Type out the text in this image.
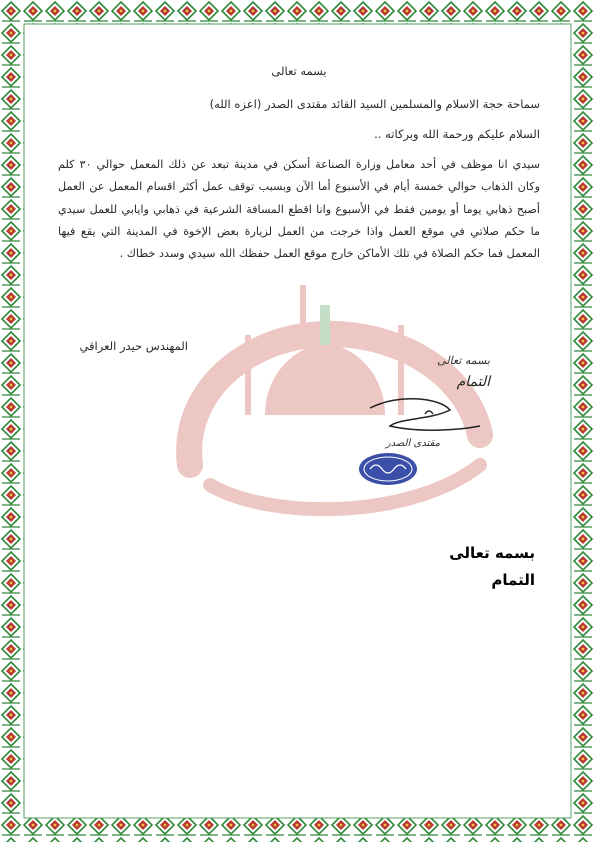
بسمه تعالى
سماحة حجة الاسلام والمسلمين السيد القائد مقتدى الصدر (اعزه الله)
السلام عليكم ورحمة الله وبركاته ..
سيدي انا موظف في أحد معامل وزارة الصناعة أسكن في مدينة تبعد عن ذلك المعمل حوالي ٣٠ كلم وكان الذهاب حوالي خمسة أيام في الأسبوع أما الآن وبسبب توقف عمل أكثر اقسام المعمل عن العمل أصبح ذهابي يوما أو يومين فقط في الأسبوع وانا اقطع المسافة الشرعية في ذهابي وايابي للعمل سيدي ما حكم صلاتي في موقع العمل واذا خرجت من العمل لزيارة بعض الإخوة في المدينة التي يقع فيها المعمل فما حكم الصلاة في تلك الأماكن خارج موقع العمل حفظك الله سيدي وسدد خطاك .
المهندس حيدر العراقي
بسمه تعالى
التمام
مقتدى الصدر
بسمه تعالى
التمام
